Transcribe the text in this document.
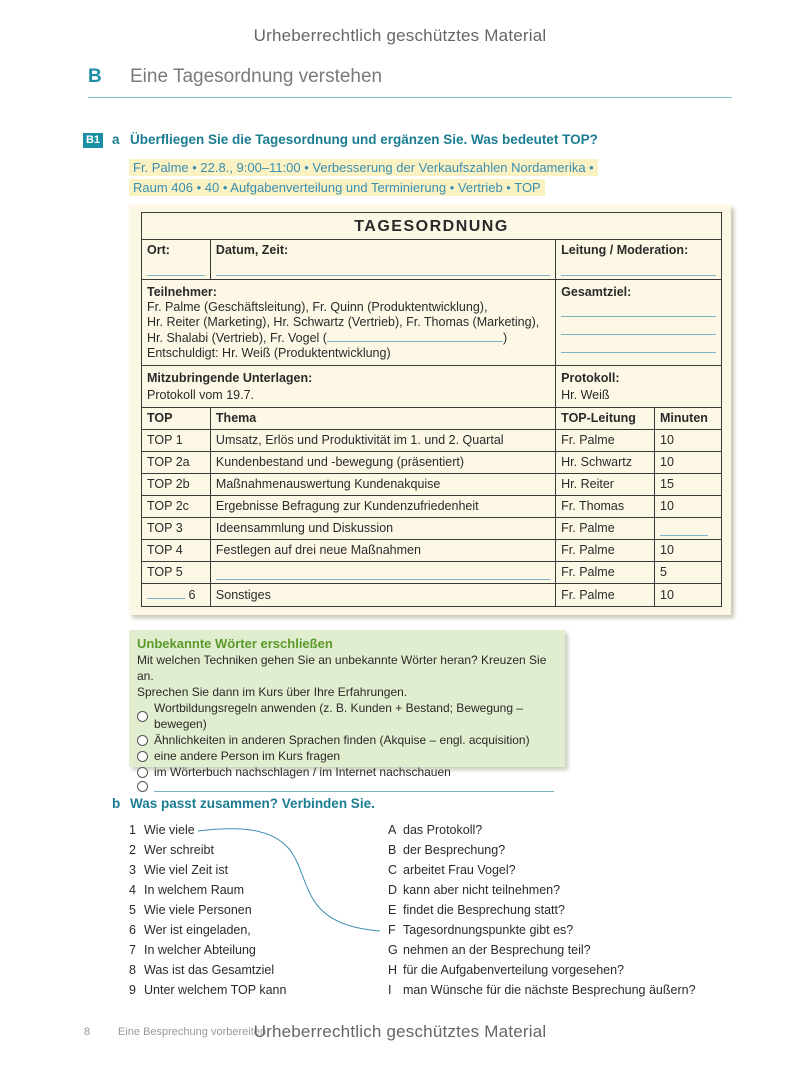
Urheberrechtlich geschütztes Material
B Eine Tagesordnung verstehen
B1 a Überfliegen Sie die Tagesordnung und ergänzen Sie. Was bedeutet TOP?
Fr. Palme • 22.8., 9:00–11:00 • Verbesserung der Verkaufszahlen Nordamerika •
Raum 406 • 40 • Aufgabenverteilung und Terminierung • Vertrieb • TOP
TAGESORDNUNG			

Ort:	Datum, Zeit:	Leitung / Moderation:	

Teilnehmer:
Fr. Palme (Geschäftsleitung), Fr. Quinn (Produktentwicklung),
Hr. Reiter (Marketing), Hr. Schwartz (Vertrieb), Fr. Thomas (Marketing),
Hr. Shalabi (Vertrieb), Fr. Vogel ( )
Entschuldigt: Hr. Weiß (Produktentwicklung)		Gesamtziel:	

Mitzubringende Unterlagen:
Protokoll vom 19.7.		Protokoll:
Hr. Weiß	

TOP	Thema	TOP-Leitung	Minuten
TOP 1	Umsatz, Erlös und Produktivität im 1. und 2. Quartal	Fr. Palme	10
TOP 2a	Kundenbestand und -bewegung (präsentiert)	Hr. Schwartz	10
TOP 2b	Maßnahmenauswertung Kundenakquise	Hr. Reiter	15
TOP 2c	Ergebnisse Befragung zur Kundenzufriedenheit	Fr. Thomas	10
TOP 3	Ideensammlung und Diskussion	Fr. Palme	

TOP 4	Festlegen auf drei neue Maßnahmen	Fr. Palme	10
TOP 5		Fr. Palme	5
6	Sonstiges	Fr. Palme	10
Unbekannte Wörter erschließen
Mit welchen Techniken gehen Sie an unbekannte Wörter heran? Kreuzen Sie an.
Sprechen Sie dann im Kurs über Ihre Erfahrungen.
Wortbildungsregeln anwenden (z. B. Kunden + Bestand; Bewegung – bewegen)
Ähnlichkeiten in anderen Sprachen finden (Akquise – engl. acquisition)
eine andere Person im Kurs fragen
im Wörterbuch nachschlagen / im Internet nachschauen
b Was passt zusammen? Verbinden Sie.
1 Wie viele
2 Wer schreibt
3 Wie viel Zeit ist
4 In welchem Raum
5 Wie viele Personen
6 Wer ist eingeladen,
7 In welcher Abteilung
8 Was ist das Gesamtziel
9 Unter welchem TOP kann
A das Protokoll?
B der Besprechung?
C arbeitet Frau Vogel?
D kann aber nicht teilnehmen?
E findet die Besprechung statt?
F Tagesordnungspunkte gibt es?
G nehmen an der Besprechung teil?
H für die Aufgabenverteilung vorgesehen?
I man Wünsche für die nächste Besprechung äußern?
8	Eine Besprechung vorbereiten
Urheberrechtlich geschütztes Material
